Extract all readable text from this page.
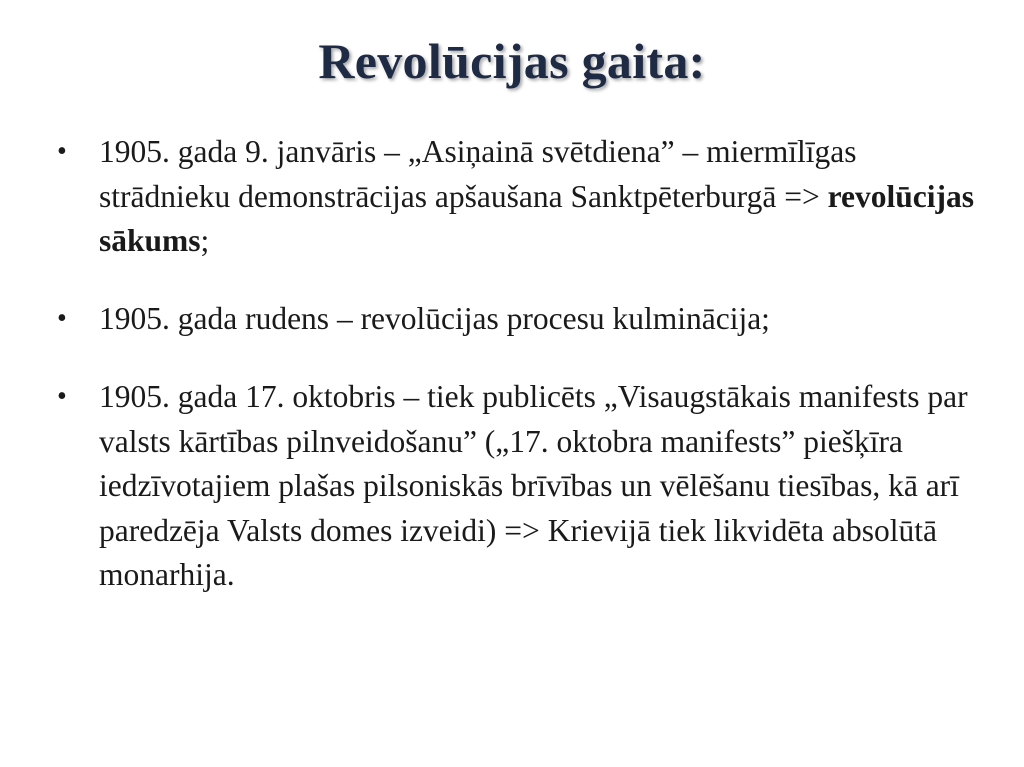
Revolūcijas gaita:
• 1905. gada 9. janvāris – „Asiņainā svētdiena” – miermīlīgas strādnieku demonstrācijas apšaušana Sanktpēterburgā => revolūcijas sākums;
• 1905. gada rudens – revolūcijas procesu kulminācija;
• 1905. gada 17. oktobris – tiek publicēts „Visaugstākais manifests par valsts kārtības pilnveidošanu” („17. oktobra manifests” piešķīra iedzīvotajiem plašas pilsoniskās brīvības un vēlēšanu tiesības, kā arī paredzēja Valsts domes izveidi) => Krievijā tiek likvidēta absolūtā monarhija.
